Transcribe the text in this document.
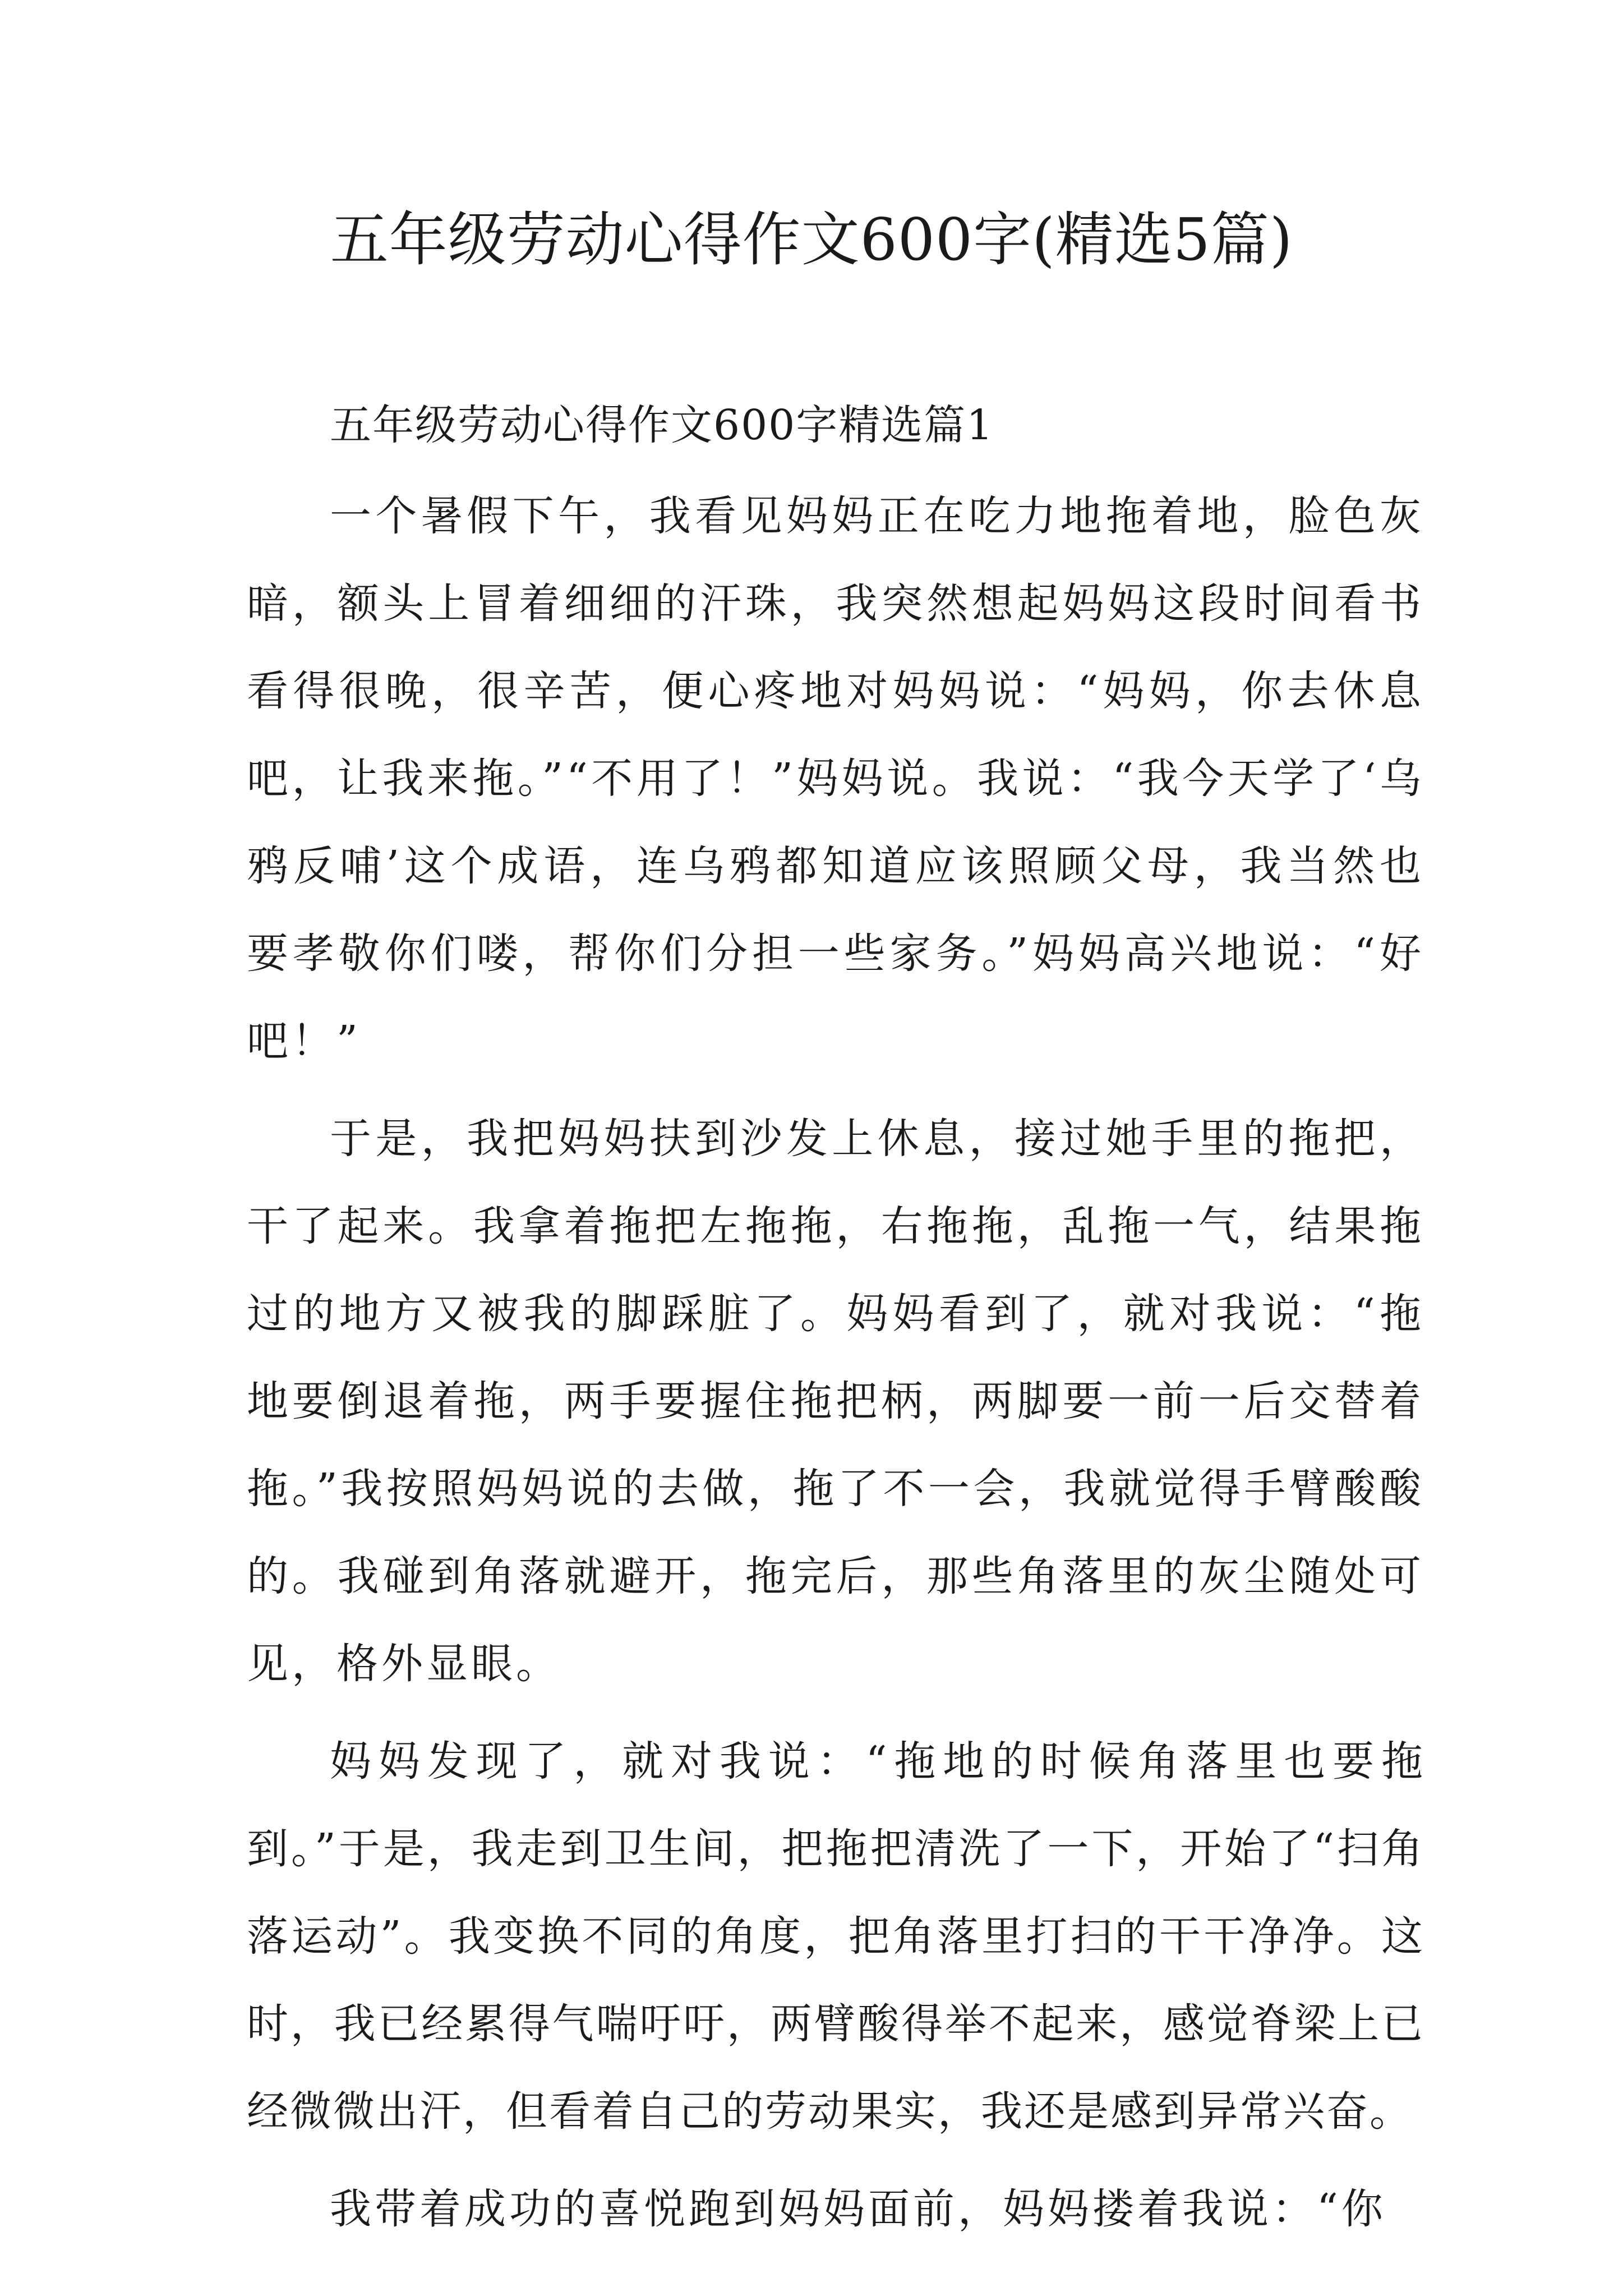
五年级劳动心得作文600字(精选5篇)

五年级劳动心得作文600字精选篇1

一个暑假下午，我看见妈妈正在吃力地拖着地，脸色灰暗，额头上冒着细细的汗珠，我突然想起妈妈这段时间看书看得很晚，很辛苦，便心疼地对妈妈说：“妈妈，你去休息吧，让我来拖。”“不用了！”妈妈说。我说：“我今天学了‘乌鸦反哺’这个成语，连乌鸦都知道应该照顾父母，我当然也要孝敬你们喽，帮你们分担一些家务。”妈妈高兴地说：“好吧！”

于是，我把妈妈扶到沙发上休息，接过她手里的拖把，干了起来。我拿着拖把左拖拖，右拖拖，乱拖一气，结果拖过的地方又被我的脚踩脏了。妈妈看到了，就对我说：“拖地要倒退着拖，两手要握住拖把柄，两脚要一前一后交替着拖。”我按照妈妈说的去做，拖了不一会，我就觉得手臂酸酸的。我碰到角落就避开，拖完后，那些角落里的灰尘随处可见，格外显眼。

妈妈发现了，就对我说：“拖地的时候角落里也要拖到。”于是，我走到卫生间，把拖把清洗了一下，开始了“扫角落运动”。我变换不同的角度，把角落里打扫的干干净净。这时，我已经累得气喘吁吁，两臂酸得举不起来，感觉脊梁上已经微微出汗，但看着自己的劳动果实，我还是感到异常兴奋。

我带着成功的喜悦跑到妈妈面前，妈妈搂着我说：“你
